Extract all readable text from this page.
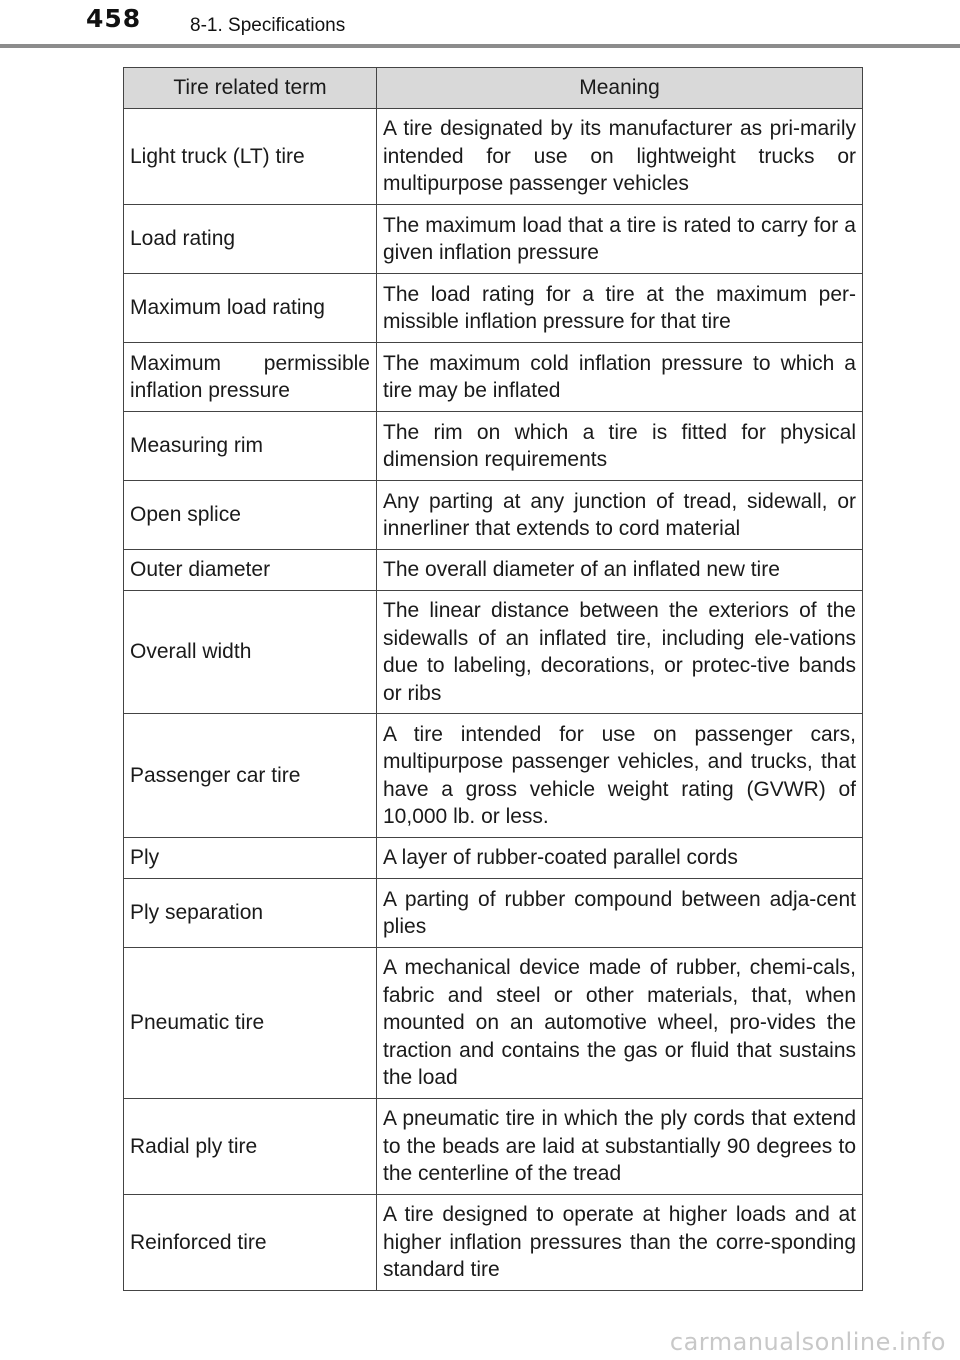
458	8-1. Specifications
Tire related term	Meaning
Light truck (LT) tire	A tire designated by its manufacturer as pri-marily intended for use on lightweight trucks or multipurpose passenger vehicles
Load rating	The maximum load that a tire is rated to carry for a given inflation pressure
Maximum load rating	The load rating for a tire at the maximum per-missible inflation pressure for that tire
Maximum permissible inflation pressure	The maximum cold inflation pressure to which a tire may be inflated
Measuring rim	The rim on which a tire is fitted for physical dimension requirements
Open splice	Any parting at any junction of tread, sidewall, or innerliner that extends to cord material
Outer diameter	The overall diameter of an inflated new tire
Overall width	The linear distance between the exteriors of the sidewalls of an inflated tire, including ele-vations due to labeling, decorations, or protec-tive bands or ribs
Passenger car tire	A tire intended for use on passenger cars, multipurpose passenger vehicles, and trucks, that have a gross vehicle weight rating (GVWR) of 10,000 lb. or less.
Ply	A layer of rubber-coated parallel cords
Ply separation	A parting of rubber compound between adja-cent plies
Pneumatic tire	A mechanical device made of rubber, chemi-cals, fabric and steel or other materials, that, when mounted on an automotive wheel, pro-vides the traction and contains the gas or fluid that sustains the load
Radial ply tire	A pneumatic tire in which the ply cords that extend to the beads are laid at substantially 90 degrees to the centerline of the tread
Reinforced tire	A tire designed to operate at higher loads and at higher inflation pressures than the corre-sponding standard tire
carmanualsonline.info
